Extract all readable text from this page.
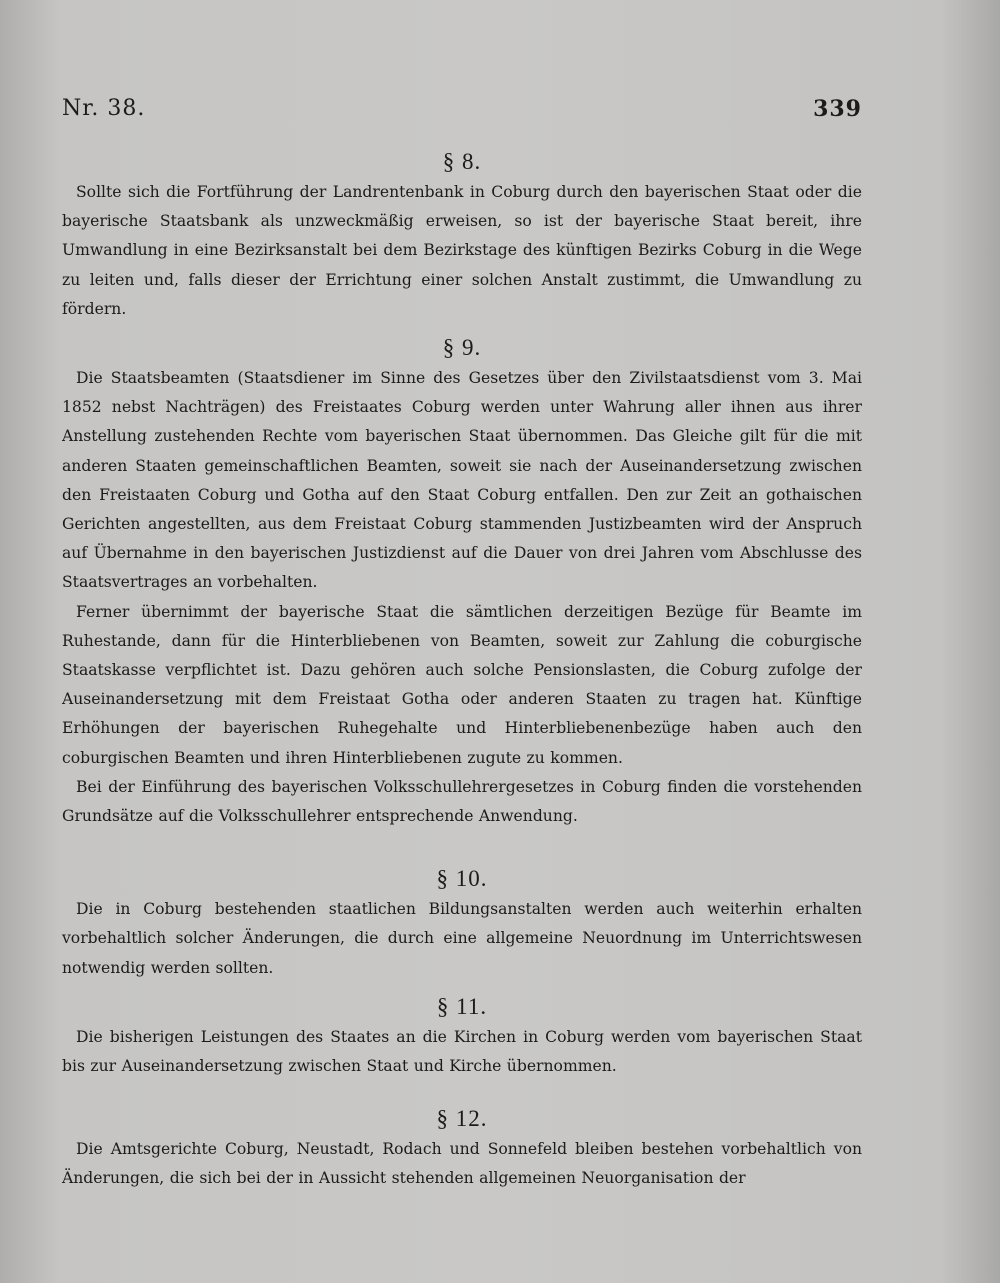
Nr. 38.	339
§ 8.

Sollte sich die Fortführung der Landrentenbank in Coburg durch den bayerischen Staat oder die bayerische Staatsbank als unzweckmäßig erweisen, so ist der bayerische Staat bereit, ihre Umwandlung in eine Bezirksanstalt bei dem Bezirkstage des künftigen Bezirks Coburg in die Wege zu leiten und, falls dieser der Errichtung einer solchen Anstalt zustimmt, die Umwandlung zu fördern.

§ 9.

Die Staatsbeamten (Staatsdiener im Sinne des Gesetzes über den Zivilstaatsdienst vom 3. Mai 1852 nebst Nachträgen) des Freistaates Coburg werden unter Wahrung aller ihnen aus ihrer Anstellung zustehenden Rechte vom bayerischen Staat übernommen. Das Gleiche gilt für die mit anderen Staaten gemeinschaftlichen Beamten, soweit sie nach der Auseinandersetzung zwischen den Freistaaten Coburg und Gotha auf den Staat Coburg entfallen. Den zur Zeit an gothaischen Gerichten angestellten, aus dem Freistaat Coburg stammenden Justizbeamten wird der Anspruch auf Übernahme in den bayerischen Justizdienst auf die Dauer von drei Jahren vom Abschlusse des Staatsvertrages an vorbehalten.

Ferner übernimmt der bayerische Staat die sämtlichen derzeitigen Bezüge für Beamte im Ruhestande, dann für die Hinterbliebenen von Beamten, soweit zur Zahlung die coburgische Staatskasse verpflichtet ist. Dazu gehören auch solche Pensionslasten, die Coburg zufolge der Auseinandersetzung mit dem Freistaat Gotha oder anderen Staaten zu tragen hat. Künftige Erhöhungen der bayerischen Ruhegehalte und Hinterbliebenenbezüge haben auch den coburgischen Beamten und ihren Hinterbliebenen zugute zu kommen.

Bei der Einführung des bayerischen Volksschullehrergesetzes in Coburg finden die vorstehenden Grundsätze auf die Volksschullehrer entsprechende Anwendung.

§ 10.

Die in Coburg bestehenden staatlichen Bildungsanstalten werden auch weiterhin erhalten vorbehaltlich solcher Änderungen, die durch eine allgemeine Neuordnung im Unterrichtswesen notwendig werden sollten.

§ 11.

Die bisherigen Leistungen des Staates an die Kirchen in Coburg werden vom bayerischen Staat bis zur Auseinandersetzung zwischen Staat und Kirche übernommen.

§ 12.

Die Amtsgerichte Coburg, Neustadt, Rodach und Sonnefeld bleiben bestehen vorbehaltlich von Änderungen, die sich bei der in Aussicht stehenden allgemeinen Neuorganisation der
